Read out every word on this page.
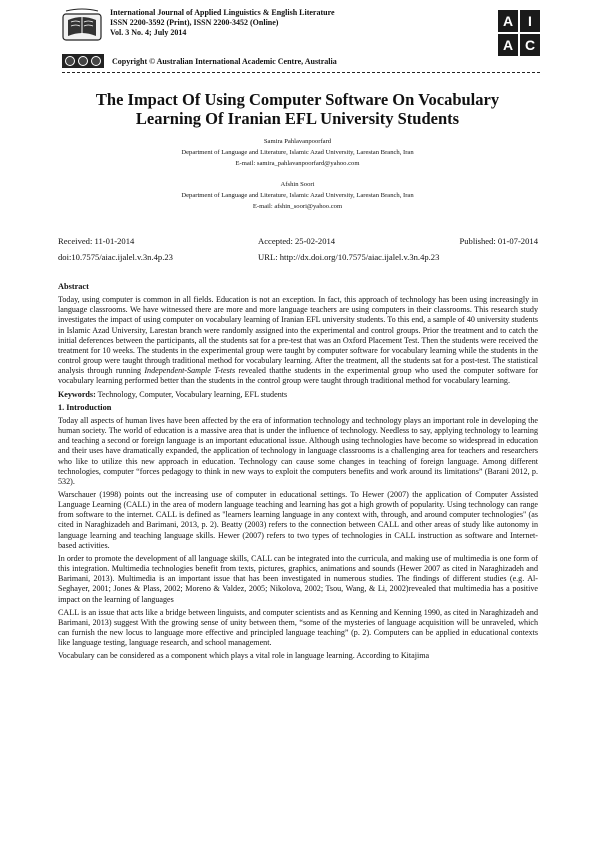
International Journal of Applied Linguistics & English Literature
ISSN 2200-3592 (Print), ISSN 2200-3452 (Online)
Vol. 3 No. 4; July 2014
Copyright © Australian International Academic Centre, Australia
A	I
A C
The Impact Of Using Computer Software On Vocabulary
Learning Of Iranian EFL University Students
Samira Pahlavanpoorfard
Department of Language and Literature, Islamic Azad University, Larestan Branch, Iran
E-mail: samira_pahlavanpoorfard@yahoo.com
Afshin Soori
Department of Language and Literature, Islamic Azad University, Larestan Branch, Iran
E-mail: afshin_soori@yahoo.com
Received: 11-01-2014	Accepted: 25-02-2014	Published: 01-07-2014
doi:10.7575/aiac.ijalel.v.3n.4p.23	URL: http://dx.doi.org/10.7575/aiac.ijalel.v.3n.4p.23
Abstract

Today, using computer is common in all fields. Education is not an exception. In fact, this approach of technology has been using increasingly in language classrooms. We have witnessed there are more and more language teachers are using computers in their classrooms. This research study investigates the impact of using computer on vocabulary learning of Iranian EFL university students. To this end, a sample of 40 university students in Islamic Azad University, Larestan branch were randomly assigned into the experimental and control groups. Prior the treatment and to catch the initial deferences between the participants, all the students sat for a pre-test that was an Oxford Placement Test. Then the students were received the treatment for 10 weeks. The students in the experimental group were taught by computer software for vocabulary learning while the students in the control group were taught through traditional method for vocabulary learning. After the treatment, all the students sat for a post-test. The statistical analysis through running Independent-Sample T-tests revealed thatthe students in the experimental group who used the computer software for vocabulary learning performed better than the students in the control group were taught through traditional method for vocabulary learning.

Keywords: Technology, Computer, Vocabulary learning, EFL students

1. Introduction

Today all aspects of human lives have been affected by the era of information technology and technology plays an important role in developing the human society. The world of education is a massive area that is under the influence of technology. Needless to say, applying technology to learning and teaching a second or foreign language is an important educational issue. Although using technologies have become so widespread in education and their uses have dramatically expanded, the application of technology in language classrooms is a challenging area for teachers and researchers who like to utilize this new approach in education. Technology can cause some changes in teaching of foreign language. Among different technologies, computer “forces pedagogy to think in new ways to exploit the computers benefits and work around its limitations” (Barani 2012, p. 532).

Warschauer (1998) points out the increasing use of computer in educational settings. To Hewer (2007) the application of Computer Assisted Language Learning (CALL) in the area of modern language teaching and learning has got a high growth of popularity. Using technology can range from software to the internet. CALL is defined as "learners learning language in any context with, through, and around computer technologies" (as cited in Naraghizadeh and Barimani, 2013, p. 2). Beatty (2003) refers to the connection between CALL and other areas of study like autonomy in language learning and teaching language skills. Hewer (2007) refers to two types of technologies in CALL instruction as software and Internet-based activities.

In order to promote the development of all language skills, CALL can be integrated into the curricula, and making use of multimedia is one form of this integration. Multimedia technologies benefit from texts, pictures, graphics, animations and sounds (Hewer 2007 as cited in Naraghizadeh and Barimani, 2013). Multimedia is an important issue that has been investigated in numerous studies. The findings of different studies (e.g. Al-Seghayer, 2001; Jones & Plass, 2002; Moreno & Valdez, 2005; Nikolova, 2002; Tsou, Wang, & Li, 2002)revealed that multimedia has a positive impact on the learning of languages

CALL is an issue that acts like a bridge between linguists, and computer scientists and as Kenning and Kenning 1990, as cited in Naraghizadeh and Barimani, 2013) suggest With the growing sense of unity between them, “some of the mysteries of language acquisition will be unraveled, which can furnish the new locus to language more effective and principled language teaching” (p. 2). Computers can be applied in educational contexts like language testing, language research, and school management.

Vocabulary can be considered as a component which plays a vital role in language learning. According to Kitajima
